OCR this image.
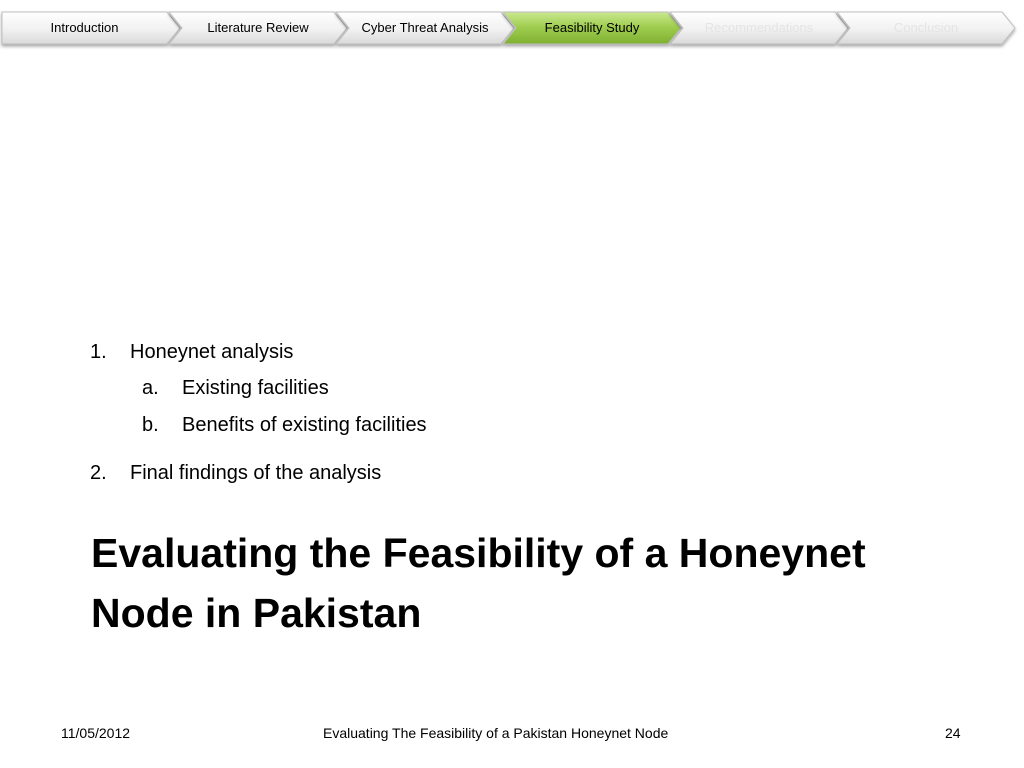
Introduction	Literature Review	Cyber Threat Analysis	Feasibility Study	Recommendations	Conclusion
1. Honeynet analysis
a. Existing facilities
b. Benefits of existing facilities
2. Final findings of the analysis
Evaluating the Feasibility of a Honeynet
Node in Pakistan
11/05/2012	Evaluating The Feasibility of a Pakistan Honeynet Node	24
